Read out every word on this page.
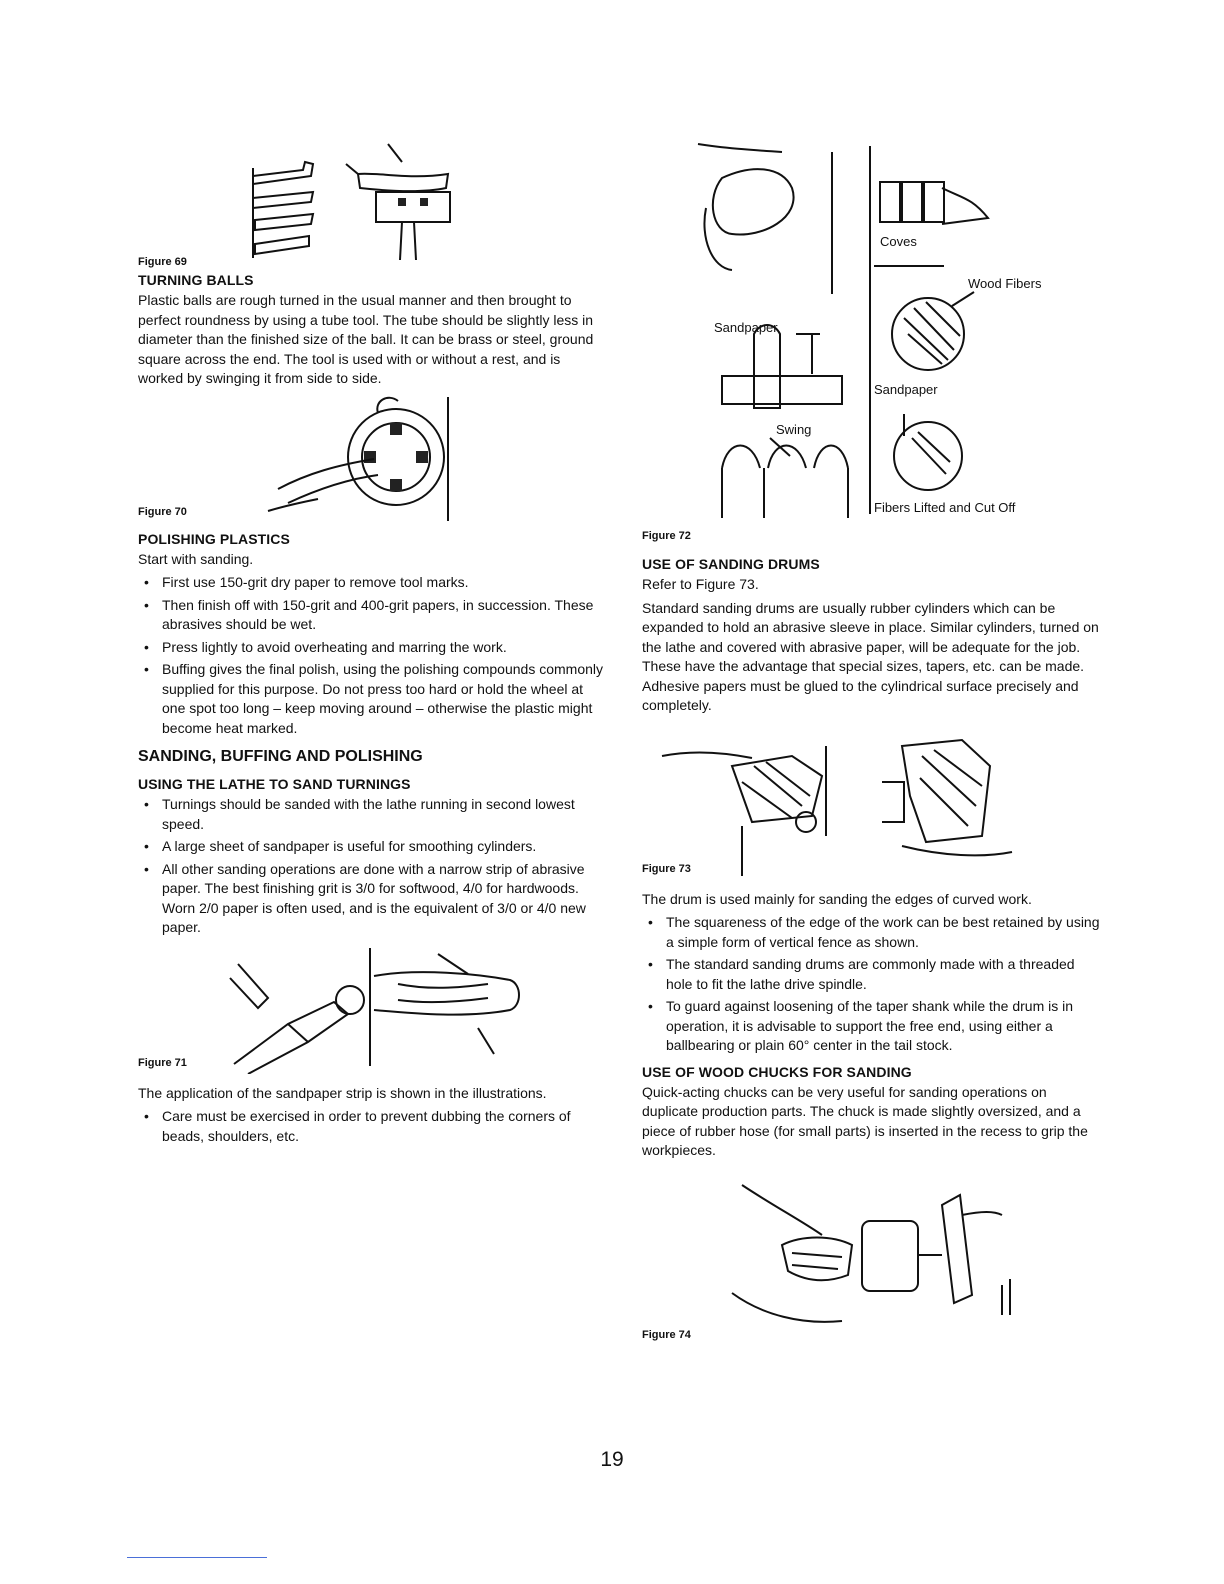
Figure 69
TURNING BALLS

Plastic balls are rough turned in the usual manner and then brought to perfect roundness by using a tube tool. The tube should be slightly less in diameter than the finished size of the ball. It can be brass or steel, ground square across the end. The tool is used with or without a rest, and is worked by swinging it from side to side.

Figure 70
POLISHING PLASTICS

Start with sanding.

• First use 150-grit dry paper to remove tool marks.
• Then finish off with 150-grit and 400-grit papers, in succession. These abrasives should be wet.
• Press lightly to avoid overheating and marring the work.
• Buffing gives the final polish, using the polishing compounds commonly supplied for this purpose. Do not press too hard or hold the wheel at one spot too long – keep moving around – otherwise the plastic might become heat marked.
SANDING, BUFFING AND POLISHING
USING THE LATHE TO SAND TURNINGS
• Turnings should be sanded with the lathe running in second lowest speed.
• A large sheet of sandpaper is useful for smoothing cylinders.
• All other sanding operations are done with a narrow strip of abrasive paper. The best finishing grit is 3/0 for softwood, 4/0 for hardwoods. Worn 2/0 paper is often used, and is the equivalent of 3/0 or 4/0 new paper.
Figure 71

The application of the sandpaper strip is shown in the illustrations.

• Care must be exercised in order to prevent dubbing the corners of beads, shoulders, etc.
Coves
Wood Fibers
Sandpaper
Sandpaper
Swing
Fibers Lifted and Cut Off
Figure 72
USE OF SANDING DRUMS

Refer to Figure 73.

Standard sanding drums are usually rubber cylinders which can be expanded to hold an abrasive sleeve in place. Similar cylinders, turned on the lathe and covered with abrasive paper, will be adequate for the job. These have the advantage that special sizes, tapers, etc. can be made. Adhesive papers must be glued to the cylindrical surface precisely and completely.

Figure 73

The drum is used mainly for sanding the edges of curved work.

• The squareness of the edge of the work can be best retained by using a simple form of vertical fence as shown.
• The standard sanding drums are commonly made with a threaded hole to fit the lathe drive spindle.
• To guard against loosening of the taper shank while the drum is in operation, it is advisable to support the free end, using either a ballbearing or plain 60° center in the tail stock.
USE OF WOOD CHUCKS FOR SANDING

Quick-acting chucks can be very useful for sanding operations on duplicate production parts. The chuck is made slightly oversized, and a piece of rubber hose (for small parts) is inserted in the recess to grip the workpieces.

Figure 74
19
